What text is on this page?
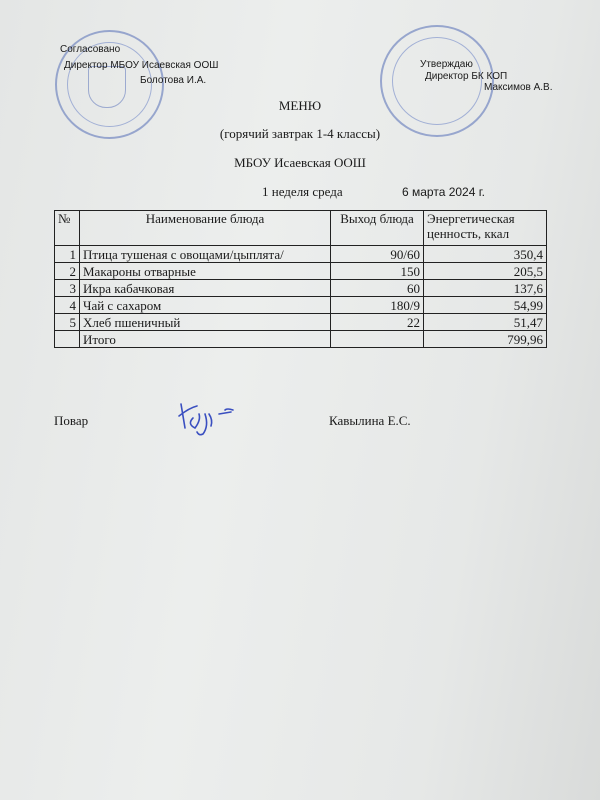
Согласовано
Директор МБОУ Исаевская ООШ
Болотова И.А.
Утверждаю
Директор БК КОП
Максимов А.В.
МЕНЮ
(горячий завтрак 1-4 классы)
МБОУ Исаевская ООШ
1 неделя среда	6 марта 2024 г.
№	Наименование блюда	Выход блюда	Энергетическая ценность, ккал
1	Птица тушеная с овощами/цыплята/	90/60	350,4
2	Макароны отварные	150	205,5
3	Икра кабачковая	60	137,6
4	Чай с сахаром	180/9	54,99
5	Хлеб пшеничный	22	51,47
	Итого		799,96
Повар	Кавылина Е.С.
